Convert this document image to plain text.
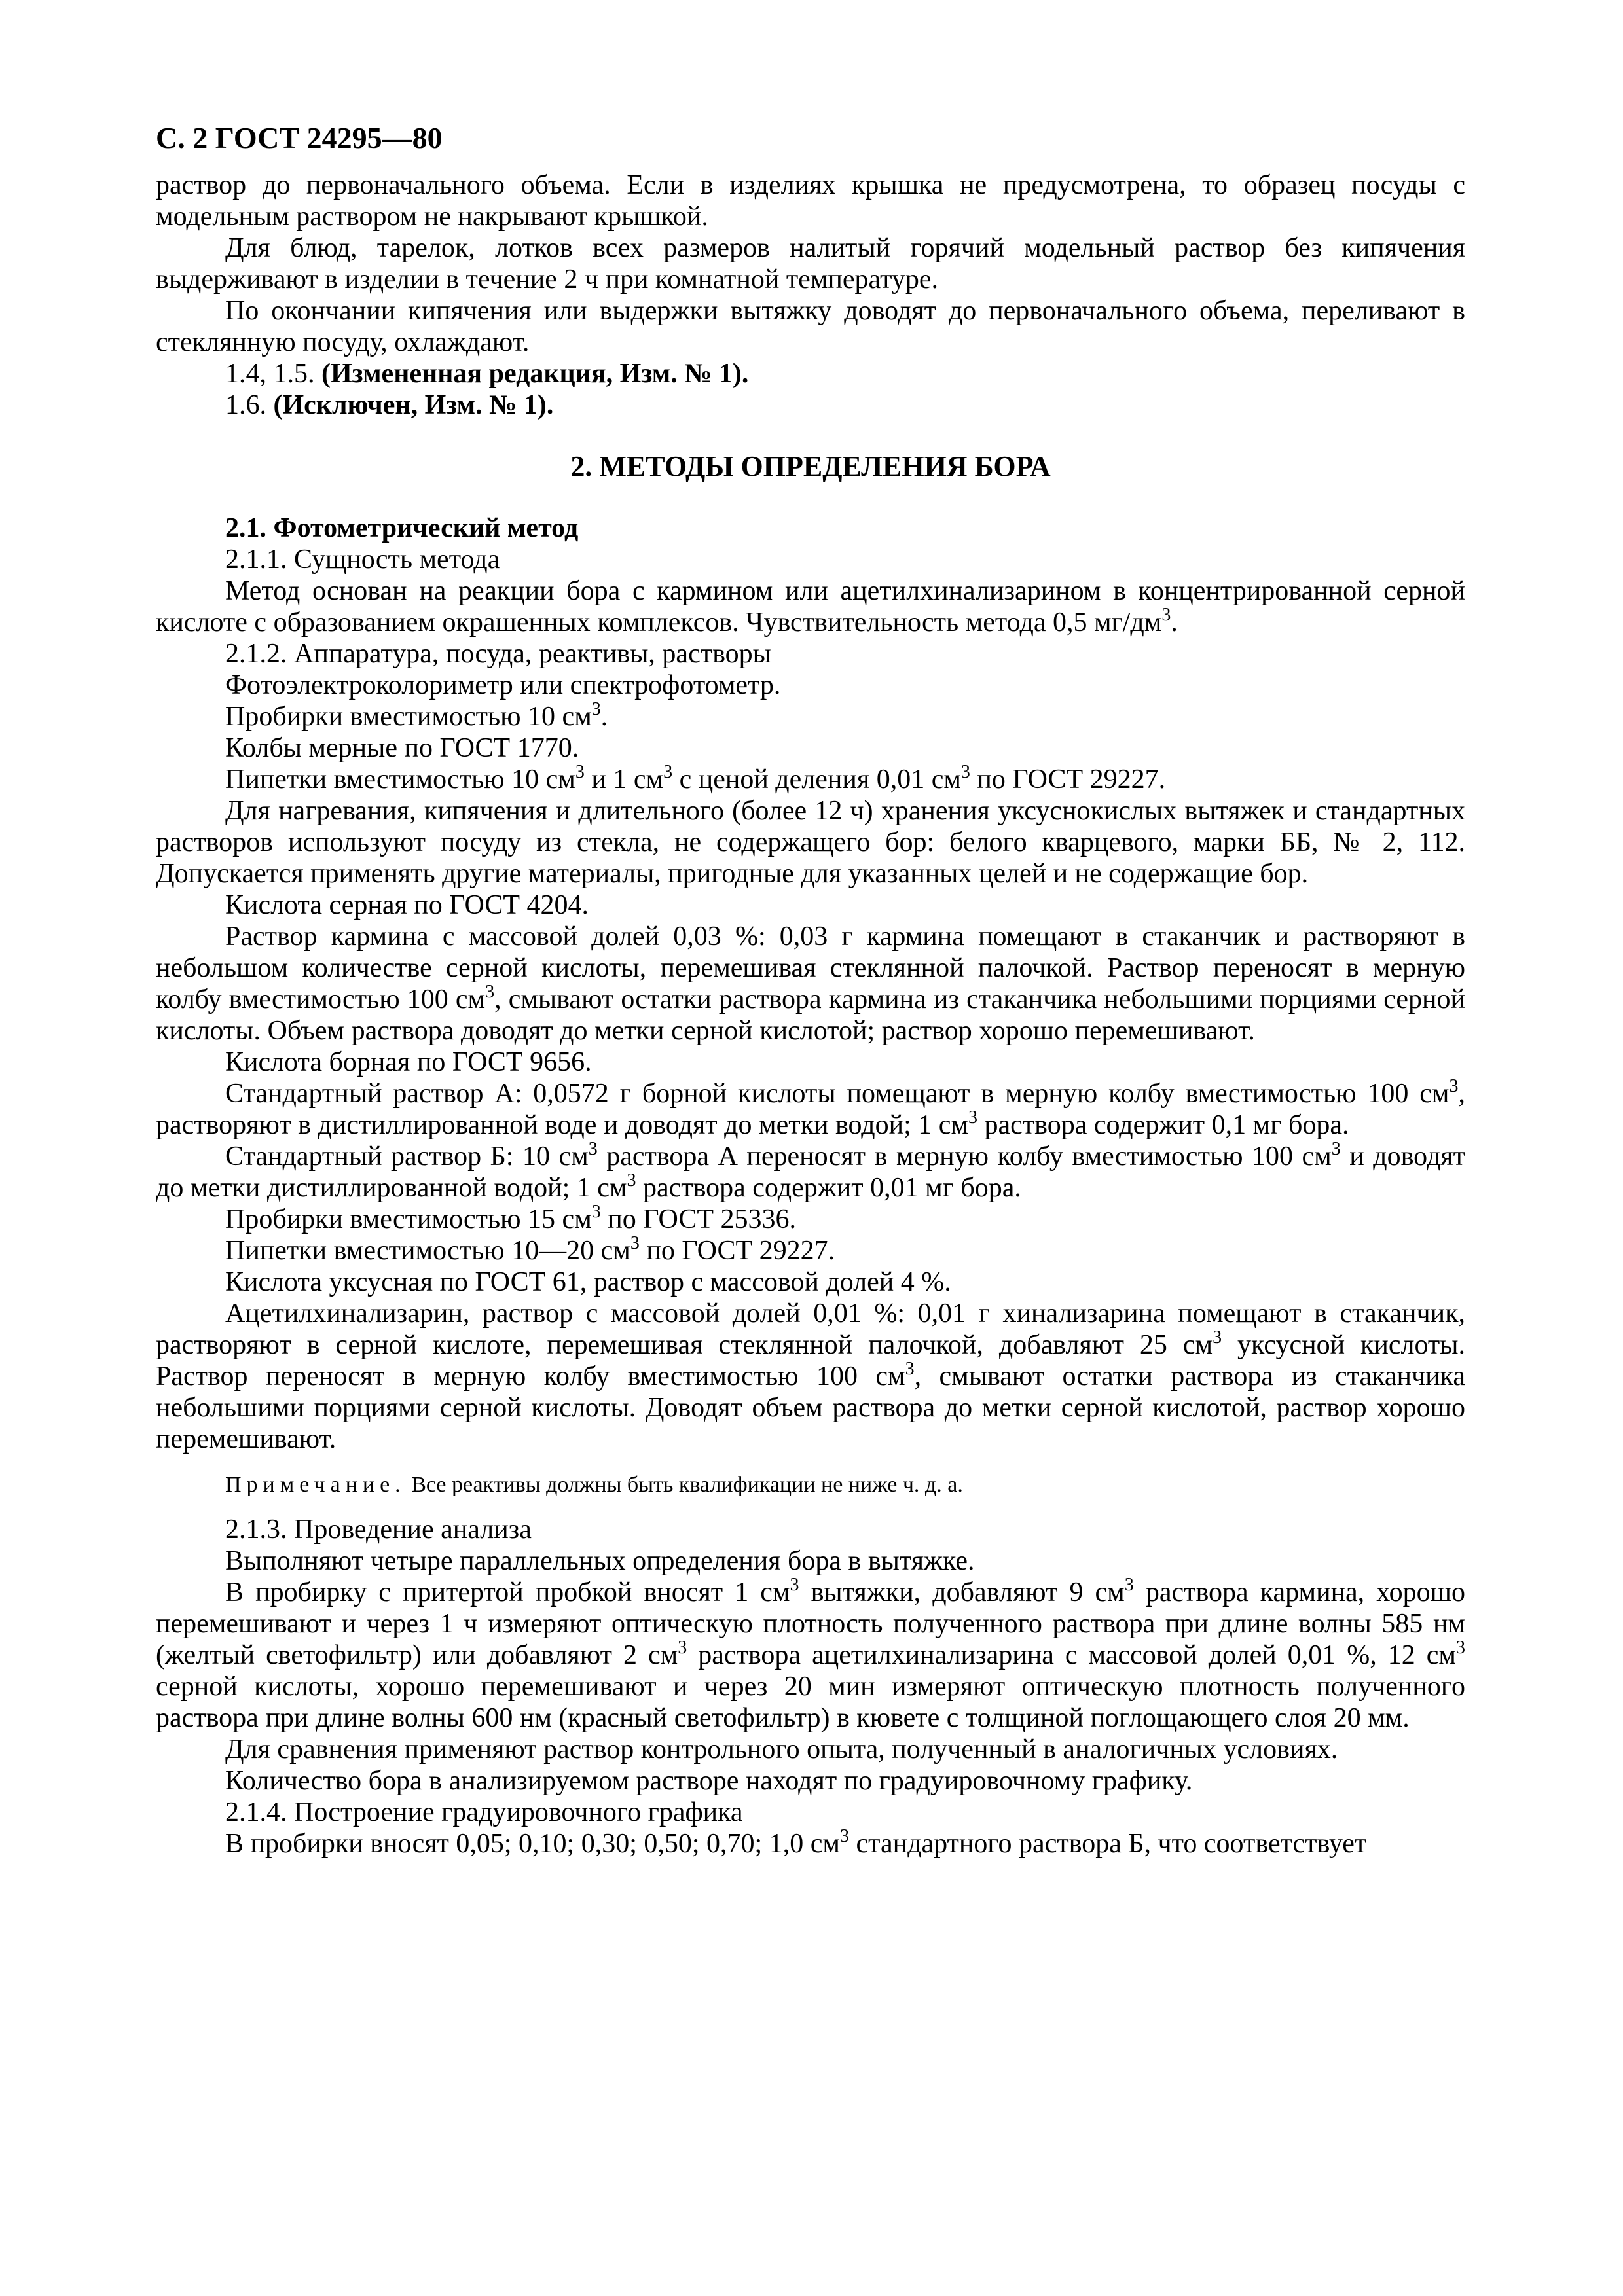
С. 2 ГОСТ 24295—80

раствор до первоначального объема. Если в изделиях крышка не предусмотрена, то образец посуды с модельным раствором не накрывают крышкой.

Для блюд, тарелок, лотков всех размеров налитый горячий модельный раствор без кипячения выдерживают в изделии в течение 2 ч при комнатной температуре.

По окончании кипячения или выдержки вытяжку доводят до первоначального объема, переливают в стеклянную посуду, охлаждают.

1.4, 1.5. (Измененная редакция, Изм. № 1).

1.6. (Исключен, Изм. № 1).

2. МЕТОДЫ ОПРЕДЕЛЕНИЯ БОРА

2.1. Фотометрический метод

2.1.1. Сущность метода

Метод основан на реакции бора с кармином или ацетилхинализарином в концентрированной серной кислоте с образованием окрашенных комплексов. Чувствительность метода 0,5 $мг/дм^3$.

2.1.2. Аппаратура, посуда, реактивы, растворы

Фотоэлектроколориметр или спектрофотометр.

Пробирки вместимостью 10 $см^3$.

Колбы мерные по ГОСТ 1770.

Пипетки вместимостью 10 $см^3$ и 1 $см^3$ с ценой деления 0,01 $см^3$ по ГОСТ 29227.

Для нагревания, кипячения и длительного (более 12 ч) хранения уксуснокислых вытяжек и стандартных растворов используют посуду из стекла, не содержащего бор: белого кварцевого, марки ББ, № 2, 112. Допускается применять другие материалы, пригодные для указанных целей и не содержащие бор.

Кислота серная по ГОСТ 4204.

Раствор кармина с массовой долей 0,03 %: 0,03 г кармина помещают в стаканчик и растворяют в небольшом количестве серной кислоты, перемешивая стеклянной палочкой. Раствор переносят в мерную колбу вместимостью 100 $см^3$, смывают остатки раствора кармина из стаканчика небольшими порциями серной кислоты. Объем раствора доводят до метки серной кислотой; раствор хорошо перемешивают.

Кислота борная по ГОСТ 9656.

Стандартный раствор А: 0,0572 г борной кислоты помещают в мерную колбу вместимостью 100 $см^3$, растворяют в дистиллированной воде и доводят до метки водой; 1 $см^3$ раствора содержит 0,1 мг бора.

Стандартный раствор Б: 10 $см^3$ раствора А переносят в мерную колбу вместимостью 100 $см^3$ и доводят до метки дистиллированной водой; 1 $см^3$ раствора содержит 0,01 мг бора.

Пробирки вместимостью 15 $см^3$ по ГОСТ 25336.

Пипетки вместимостью 10—20 $см^3$ по ГОСТ 29227.

Кислота уксусная по ГОСТ 61, раствор с массовой долей 4 %.

Ацетилхинализарин, раствор с массовой долей 0,01 %: 0,01 г хинализарина помещают в стаканчик, растворяют в серной кислоте, перемешивая стеклянной палочкой, добавляют 25 $см^3$ уксусной кислоты. Раствор переносят в мерную колбу вместимостью 100 $см^3$, смывают остатки раствора из стаканчика небольшими порциями серной кислоты. Доводят объем раствора до метки серной кислотой, раствор хорошо перемешивают.

Примечание. Все реактивы должны быть квалификации не ниже ч. д. а.

2.1.3. Проведение анализа

Выполняют четыре параллельных определения бора в вытяжке.

В пробирку с притертой пробкой вносят 1 $см^3$ вытяжки, добавляют 9 $см^3$ раствора кармина, хорошо перемешивают и через 1 ч измеряют оптическую плотность полученного раствора при длине волны 585 нм (желтый светофильтр) или добавляют 2 $см^3$ раствора ацетилхинализарина с массовой долей 0,01 %, 12 $см^3$ серной кислоты, хорошо перемешивают и через 20 мин измеряют оптическую плотность полученного раствора при длине волны 600 нм (красный светофильтр) в кювете с толщиной поглощающего слоя 20 мм.

Для сравнения применяют раствор контрольного опыта, полученный в аналогичных условиях.

Количество бора в анализируемом растворе находят по градуировочному графику.

2.1.4. Построение градуировочного графика

В пробирки вносят 0,05; 0,10; 0,30; 0,50; 0,70; 1,0 $см^3$ стандартного раствора Б, что соответствует
